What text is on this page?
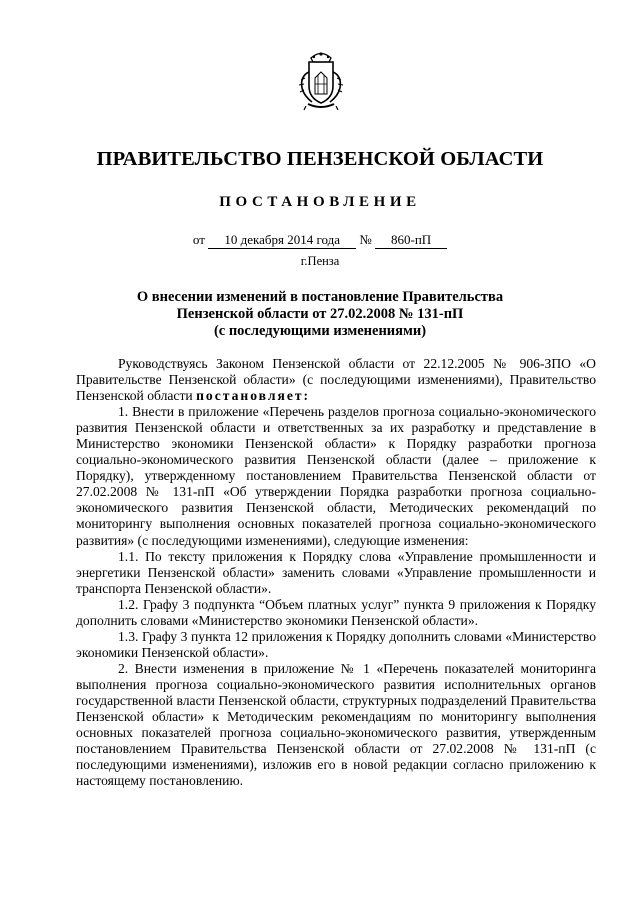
ПРАВИТЕЛЬСТВО ПЕНЗЕНСКОЙ ОБЛАСТИ
ПОСТАНОВЛЕНИЕ
от 10 декабря 2014 года № 860-пП
г.Пенза
О внесении изменений в постановление Правительства
Пензенской области от 27.02.2008 № 131-пП
(с последующими изменениями)

Руководствуясь Законом Пензенской области от 22.12.2005 № 906-ЗПО «О Правительстве Пензенской области» (с последующими изменениями), Правительство Пензенской области постановляет:

1. Внести в приложение «Перечень разделов прогноза социально-экономического развития Пензенской области и ответственных за их разработку и представление в Министерство экономики Пензенской области» к Порядку разработки прогноза социально-экономического развития Пензенской области (далее – приложение к Порядку), утвержденному постановлением Правительства Пензенской области от 27.02.2008 № 131-пП «Об утверждении Порядка разработки прогноза социально-экономического развития Пензенской области, Методических рекомендаций по мониторингу выполнения основных показателей прогноза социально-экономического развития» (с последующими изменениями), следующие изменения:

1.1. По тексту приложения к Порядку слова «Управление промышленности и энергетики Пензенской области» заменить словами «Управление промышленности и транспорта Пензенской области».

1.2. Графу 3 подпункта “Объем платных услуг” пункта 9 приложения к Порядку дополнить словами «Министерство экономики Пензенской области».

1.3. Графу 3 пункта 12 приложения к Порядку дополнить словами «Министерство экономики Пензенской области».

2. Внести изменения в приложение № 1 «Перечень показателей мониторинга выполнения прогноза социально-экономического развития исполнительных органов государственной власти Пензенской области, структурных подразделений Правительства Пензенской области» к Методическим рекомендациям по мониторингу выполнения основных показателей прогноза социально-экономического развития, утвержденным постановлением Правительства Пензенской области от 27.02.2008 № 131-пП (с последующими изменениями), изложив его в новой редакции согласно приложению к настоящему постановлению.
